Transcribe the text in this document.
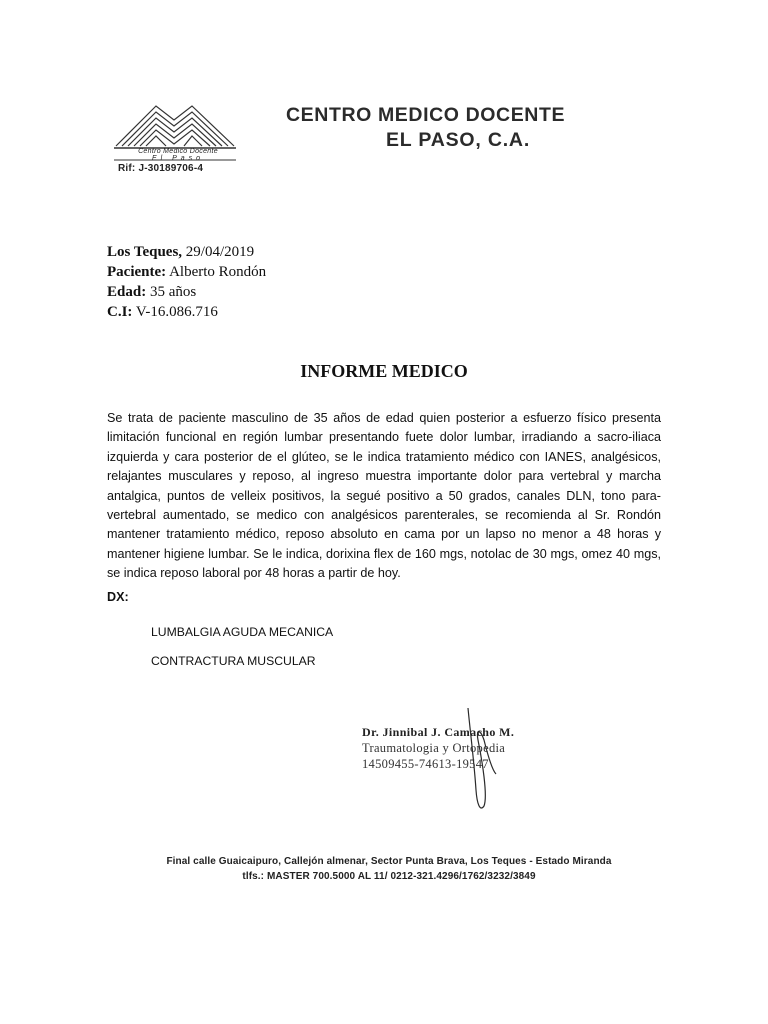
Centro Medico Docente
El Paso
Rif: J-30189706-4
CENTRO MEDICO DOCENTE
EL PASO, C.A.
Los Teques, 29/04/2019
Paciente: Alberto Rondón
Edad: 35 años
C.I: V-16.086.716
INFORME MEDICO
Se trata de paciente masculino de 35 años de edad quien posterior a esfuerzo físico presenta limitación funcional en región lumbar presentando fuete dolor lumbar, irradiando a sacro-iliaca izquierda y cara posterior de el glúteo, se le indica tratamiento médico con IANES, analgésicos, relajantes musculares y reposo, al ingreso muestra importante dolor para vertebral y marcha antalgica, puntos de velleix positivos, la segué positivo a 50 grados, canales DLN, tono para-vertebral aumentado, se medico con analgésicos parenterales, se recomienda al Sr. Rondón mantener tratamiento médico, reposo absoluto en cama por un lapso no menor a 48 horas y mantener higiene lumbar. Se le indica, dorixina flex de 160 mgs, notolac de 30 mgs, omez 40 mgs, se indica reposo laboral por 48 horas a partir de hoy.
DX:
LUMBALGIA AGUDA MECANICA
CONTRACTURA MUSCULAR
Dr. Jinnibal J. Camacho M.
Traumatologia y Ortopedia
14509455-74613-19547
Final calle Guaicaipuro, Callejón almenar, Sector Punta Brava, Los Teques - Estado Miranda
tlfs.: MASTER 700.5000 AL 11/ 0212-321.4296/1762/3232/3849
